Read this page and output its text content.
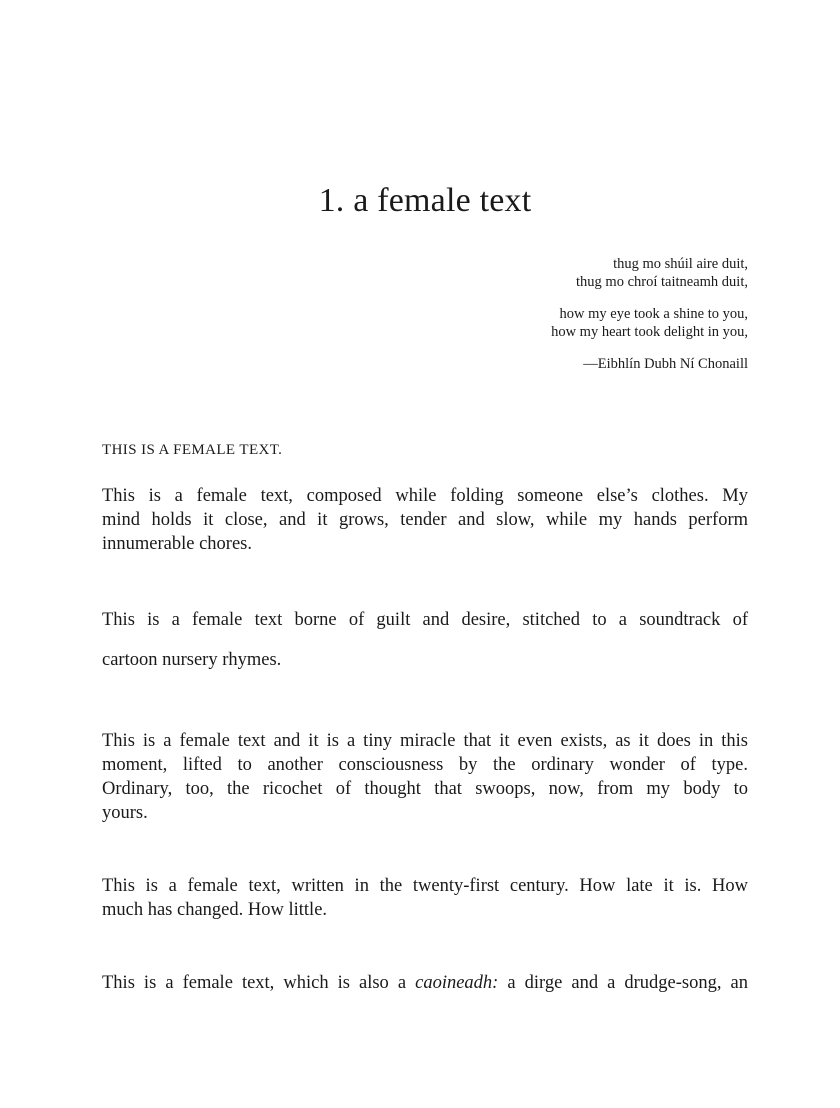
1. a female text
thug mo shúil aire duit,
thug mo chroí taitneamh duit,
how my eye took a shine to you,
how my heart took delight in you,
—Eibhlín Dubh Ní Chonaill
THIS IS A FEMALE TEXT.

This is a female text, composed while folding someone else’s clothes. My
mind holds it close, and it grows, tender and slow, while my hands perform
innumerable chores.

This is a female text borne of guilt and desire, stitched to a soundtrack of
cartoon nursery rhymes.

This is a female text and it is a tiny miracle that it even exists, as it does in this
moment, lifted to another consciousness by the ordinary wonder of type.
Ordinary, too, the ricochet of thought that swoops, now, from my body to
yours.

This is a female text, written in the twenty-first century. How late it is. How
much has changed. How little.

This is a female text, which is also a caoineadh: a dirge and a drudge-song, an
